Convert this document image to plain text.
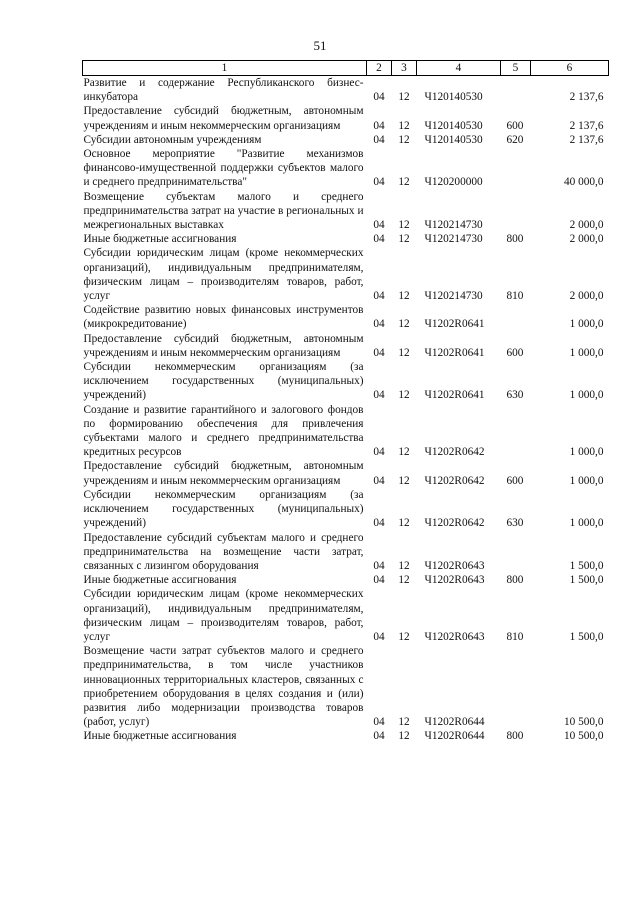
51
1	2	3	4	5	6
Развитие и содержание Республиканского бизнес-инкубатора	04	12	Ч120140530		2 137,6
Предоставление субсидий бюджетным, автономным учреждениям и иным некоммерческим организациям	04	12	Ч120140530	600	2 137,6
Субсидии автономным учреждениям	04	12	Ч120140530	620	2 137,6
Основное мероприятие "Развитие механизмов финансово-имущественной поддержки субъектов малого и среднего предпринимательства"	04	12	Ч120200000		40 000,0
Возмещение субъектам малого и среднего предпринимательства затрат на участие в региональных и межрегиональных выставках	04	12	Ч120214730		2 000,0
Иные бюджетные ассигнования	04	12	Ч120214730	800	2 000,0
Субсидии юридическим лицам (кроме некоммерческих организаций), индивидуальным предпринимателям, физическим лицам – производителям товаров, работ, услуг	04	12	Ч120214730	810	2 000,0
Содействие развитию новых финансовых инструментов (микрокредитование)	04	12	Ч1202R0641		1 000,0
Предоставление субсидий бюджетным, автономным учреждениям и иным некоммерческим организациям	04	12	Ч1202R0641	600	1 000,0
Субсидии некоммерческим организациям (за исключением государственных (муниципальных) учреждений)	04	12	Ч1202R0641	630	1 000,0
Создание и развитие гарантийного и залогового фондов по формированию обеспечения для привлечения субъектами малого и среднего предпринимательства кредитных ресурсов	04	12	Ч1202R0642		1 000,0
Предоставление субсидий бюджетным, автономным учреждениям и иным некоммерческим организациям	04	12	Ч1202R0642	600	1 000,0
Субсидии некоммерческим организациям (за исключением государственных (муниципальных) учреждений)	04	12	Ч1202R0642	630	1 000,0
Предоставление субсидий субъектам малого и среднего предпринимательства на возмещение части затрат, связанных с лизингом оборудования	04	12	Ч1202R0643		1 500,0
Иные бюджетные ассигнования	04	12	Ч1202R0643	800	1 500,0
Субсидии юридическим лицам (кроме некоммерческих организаций), индивидуальным предпринимателям, физическим лицам – производителям товаров, работ, услуг	04	12	Ч1202R0643	810	1 500,0
Возмещение части затрат субъектов малого и среднего предпринимательства, в том числе участников инновационных территориальных кластеров, связанных с приобретением оборудования в целях создания и (или) развития либо модернизации производства товаров (работ, услуг)	04	12	Ч1202R0644		10 500,0
Иные бюджетные ассигнования	04	12	Ч1202R0644	800	10 500,0
